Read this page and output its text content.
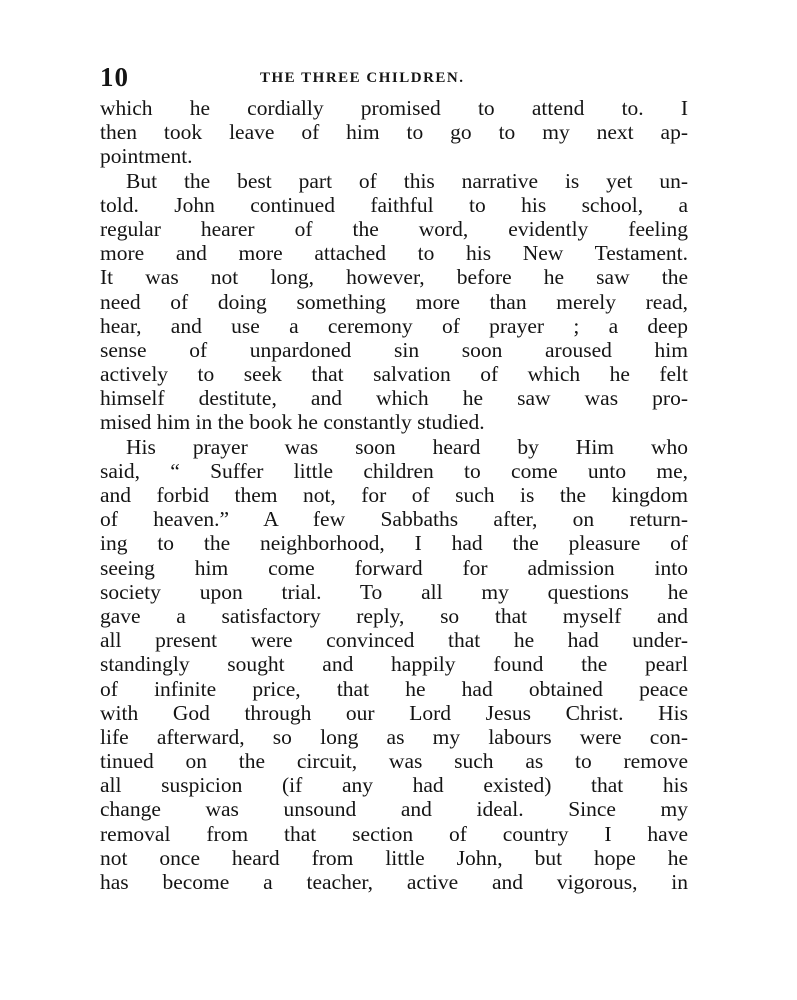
10	THE THREE CHILDREN.
which he cordially promised to attend to. I
then took leave of him to go to my next ap-
pointment.
But the best part of this narrative is yet un-
told. John continued faithful to his school, a
regular hearer of the word, evidently feeling
more and more attached to his New Testament.
It was not long, however, before he saw the
need of doing something more than merely read,
hear, and use a ceremony of prayer ; a deep
sense of unpardoned sin soon aroused him
actively to seek that salvation of which he felt
himself destitute, and which he saw was pro-
mised him in the book he constantly studied.
His prayer was soon heard by Him who
said, “ Suffer little children to come unto me,
and forbid them not, for of such is the kingdom
of heaven.” A few Sabbaths after, on return-
ing to the neighborhood, I had the pleasure of
seeing him come forward for admission into
society upon trial. To all my questions he
gave a satisfactory reply, so that myself and
all present were convinced that he had under-
standingly sought and happily found the pearl
of infinite price, that he had obtained peace
with God through our Lord Jesus Christ. His
life afterward, so long as my labours were con-
tinued on the circuit, was such as to remove
all suspicion (if any had existed) that his
change was unsound and ideal. Since my
removal from that section of country I have
not once heard from little John, but hope he
has become a teacher, active and vigorous, in
